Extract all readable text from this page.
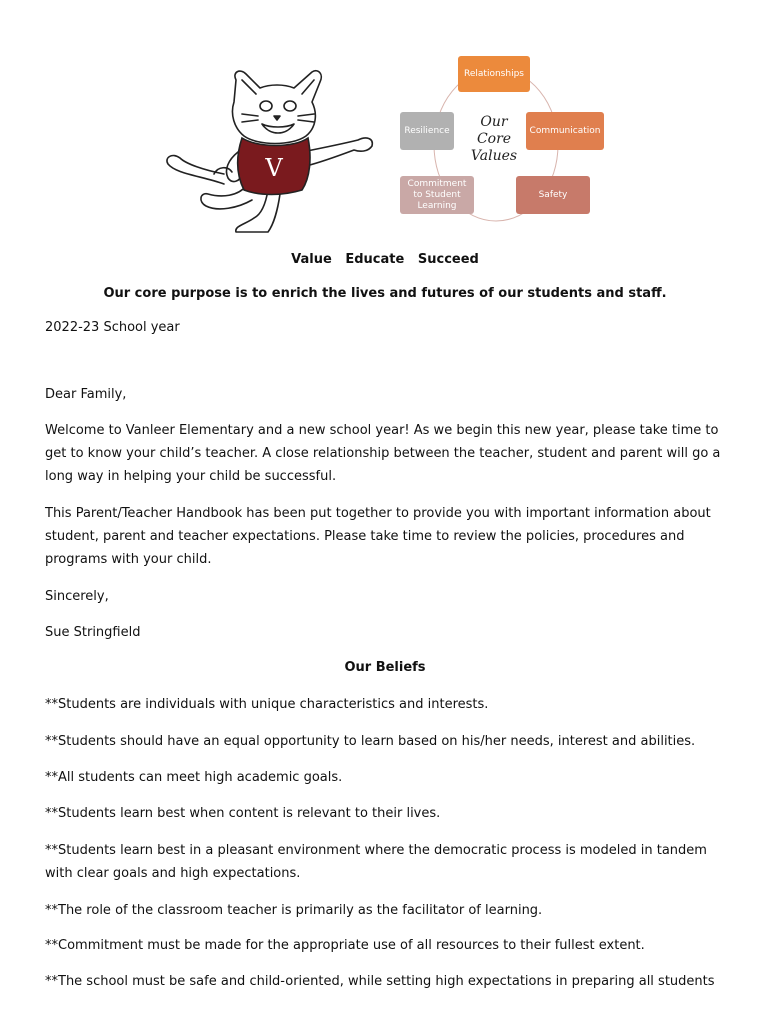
V
Relationships
Communication
Safety
Commitment to Student Learning
Resilience
Our
Core
Values
Value   Educate   Succeed
Our core purpose is to enrich the lives and futures of our students and staff.
2022-23 School year
Dear Family,
Welcome to Vanleer Elementary and a new school year! As we begin this new year, please take time to get to know your child’s teacher. A close relationship between the teacher, student and parent will go a long way in helping your child be successful.
This Parent/Teacher Handbook has been put together to provide you with important information about student, parent and teacher expectations. Please take time to review the policies, procedures and programs with your child.
Sincerely,
Sue Stringfield
Our Beliefs
**Students are individuals with unique characteristics and interests.
**Students should have an equal opportunity to learn based on his/her needs, interest and abilities.
**All students can meet high academic goals.
**Students learn best when content is relevant to their lives.
**Students learn best in a pleasant environment where the democratic process is modeled in tandem with clear goals and high expectations.
**The role of the classroom teacher is primarily as the facilitator of learning.
**Commitment must be made for the appropriate use of all resources to their fullest extent.
**The school must be safe and child-oriented, while setting high expectations in preparing all students
